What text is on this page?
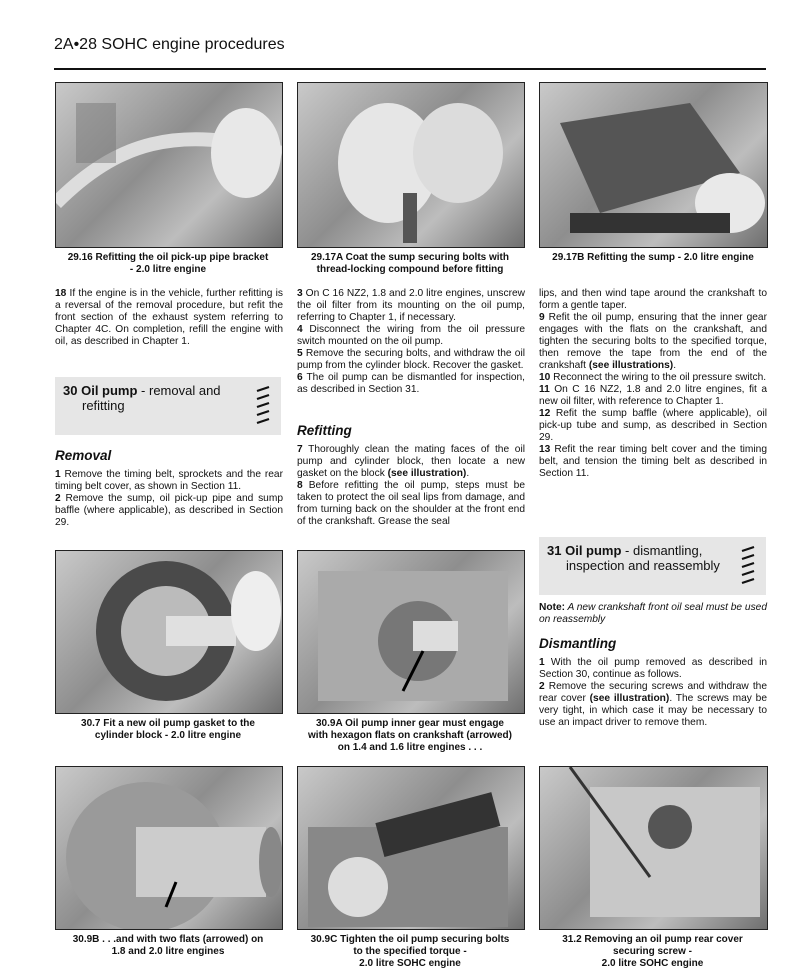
2A•28 SOHC engine procedures

29.16 Refitting the oil pick-up pipe bracket
- 2.0 litre engine

29.17A Coat the sump securing bolts with
thread-locking compound before fitting

29.17B Refitting the sump - 2.0 litre engine

18 If the engine is in the vehicle, further refitting is a reversal of the removal procedure, but refit the front section of the exhaust system referring to Chapter 4C. On completion, refill the engine with oil, as described in Chapter 1.

30 Oil pump - removal and
refitting
Removal

1 Remove the timing belt, sprockets and the rear timing belt cover, as shown in Section 11.

2 Remove the sump, oil pick-up pipe and sump baffle (where applicable), as described in Section 29.

3 On C 16 NZ2, 1.8 and 2.0 litre engines, unscrew the oil filter from its mounting on the oil pump, referring to Chapter 1, if necessary.

4 Disconnect the wiring from the oil pressure switch mounted on the oil pump.

5 Remove the securing bolts, and withdraw the oil pump from the cylinder block. Recover the gasket.

6 The oil pump can be dismantled for inspection, as described in Section 31.

Refitting

7 Thoroughly clean the mating faces of the oil pump and cylinder block, then locate a new gasket on the block (see illustration).

8 Before refitting the oil pump, steps must be taken to protect the oil seal lips from damage, and from turning back on the shoulder at the front end of the crankshaft. Grease the seal

lips, and then wind tape around the crankshaft to form a gentle taper.

9 Refit the oil pump, ensuring that the inner gear engages with the flats on the crankshaft, and tighten the securing bolts to the specified torque, then remove the tape from the end of the crankshaft (see illustrations).

10 Reconnect the wiring to the oil pressure switch.

11 On C 16 NZ2, 1.8 and 2.0 litre engines, fit a new oil filter, with reference to Chapter 1.

12 Refit the sump baffle (where applicable), oil pick-up tube and sump, as described in Section 29.

13 Refit the rear timing belt cover and the timing belt, and tension the timing belt as described in Section 11.

31 Oil pump - dismantling,
inspection and reassembly

Note: A new crankshaft front oil seal must be used on reassembly

Dismantling

1 With the oil pump removed as described in Section 30, continue as follows.

2 Remove the securing screws and withdraw the rear cover (see illustration). The screws may be very tight, in which case it may be necessary to use an impact driver to remove them.

30.7 Fit a new oil pump gasket to the
cylinder block - 2.0 litre engine

30.9A Oil pump inner gear must engage
with hexagon flats on crankshaft (arrowed)
on 1.4 and 1.6 litre engines . . .

30.9B . . .and with two flats (arrowed) on
1.8 and 2.0 litre engines

30.9C Tighten the oil pump securing bolts
to the specified torque -
2.0 litre SOHC engine

31.2 Removing an oil pump rear cover
securing screw -
2.0 litre SOHC engine
